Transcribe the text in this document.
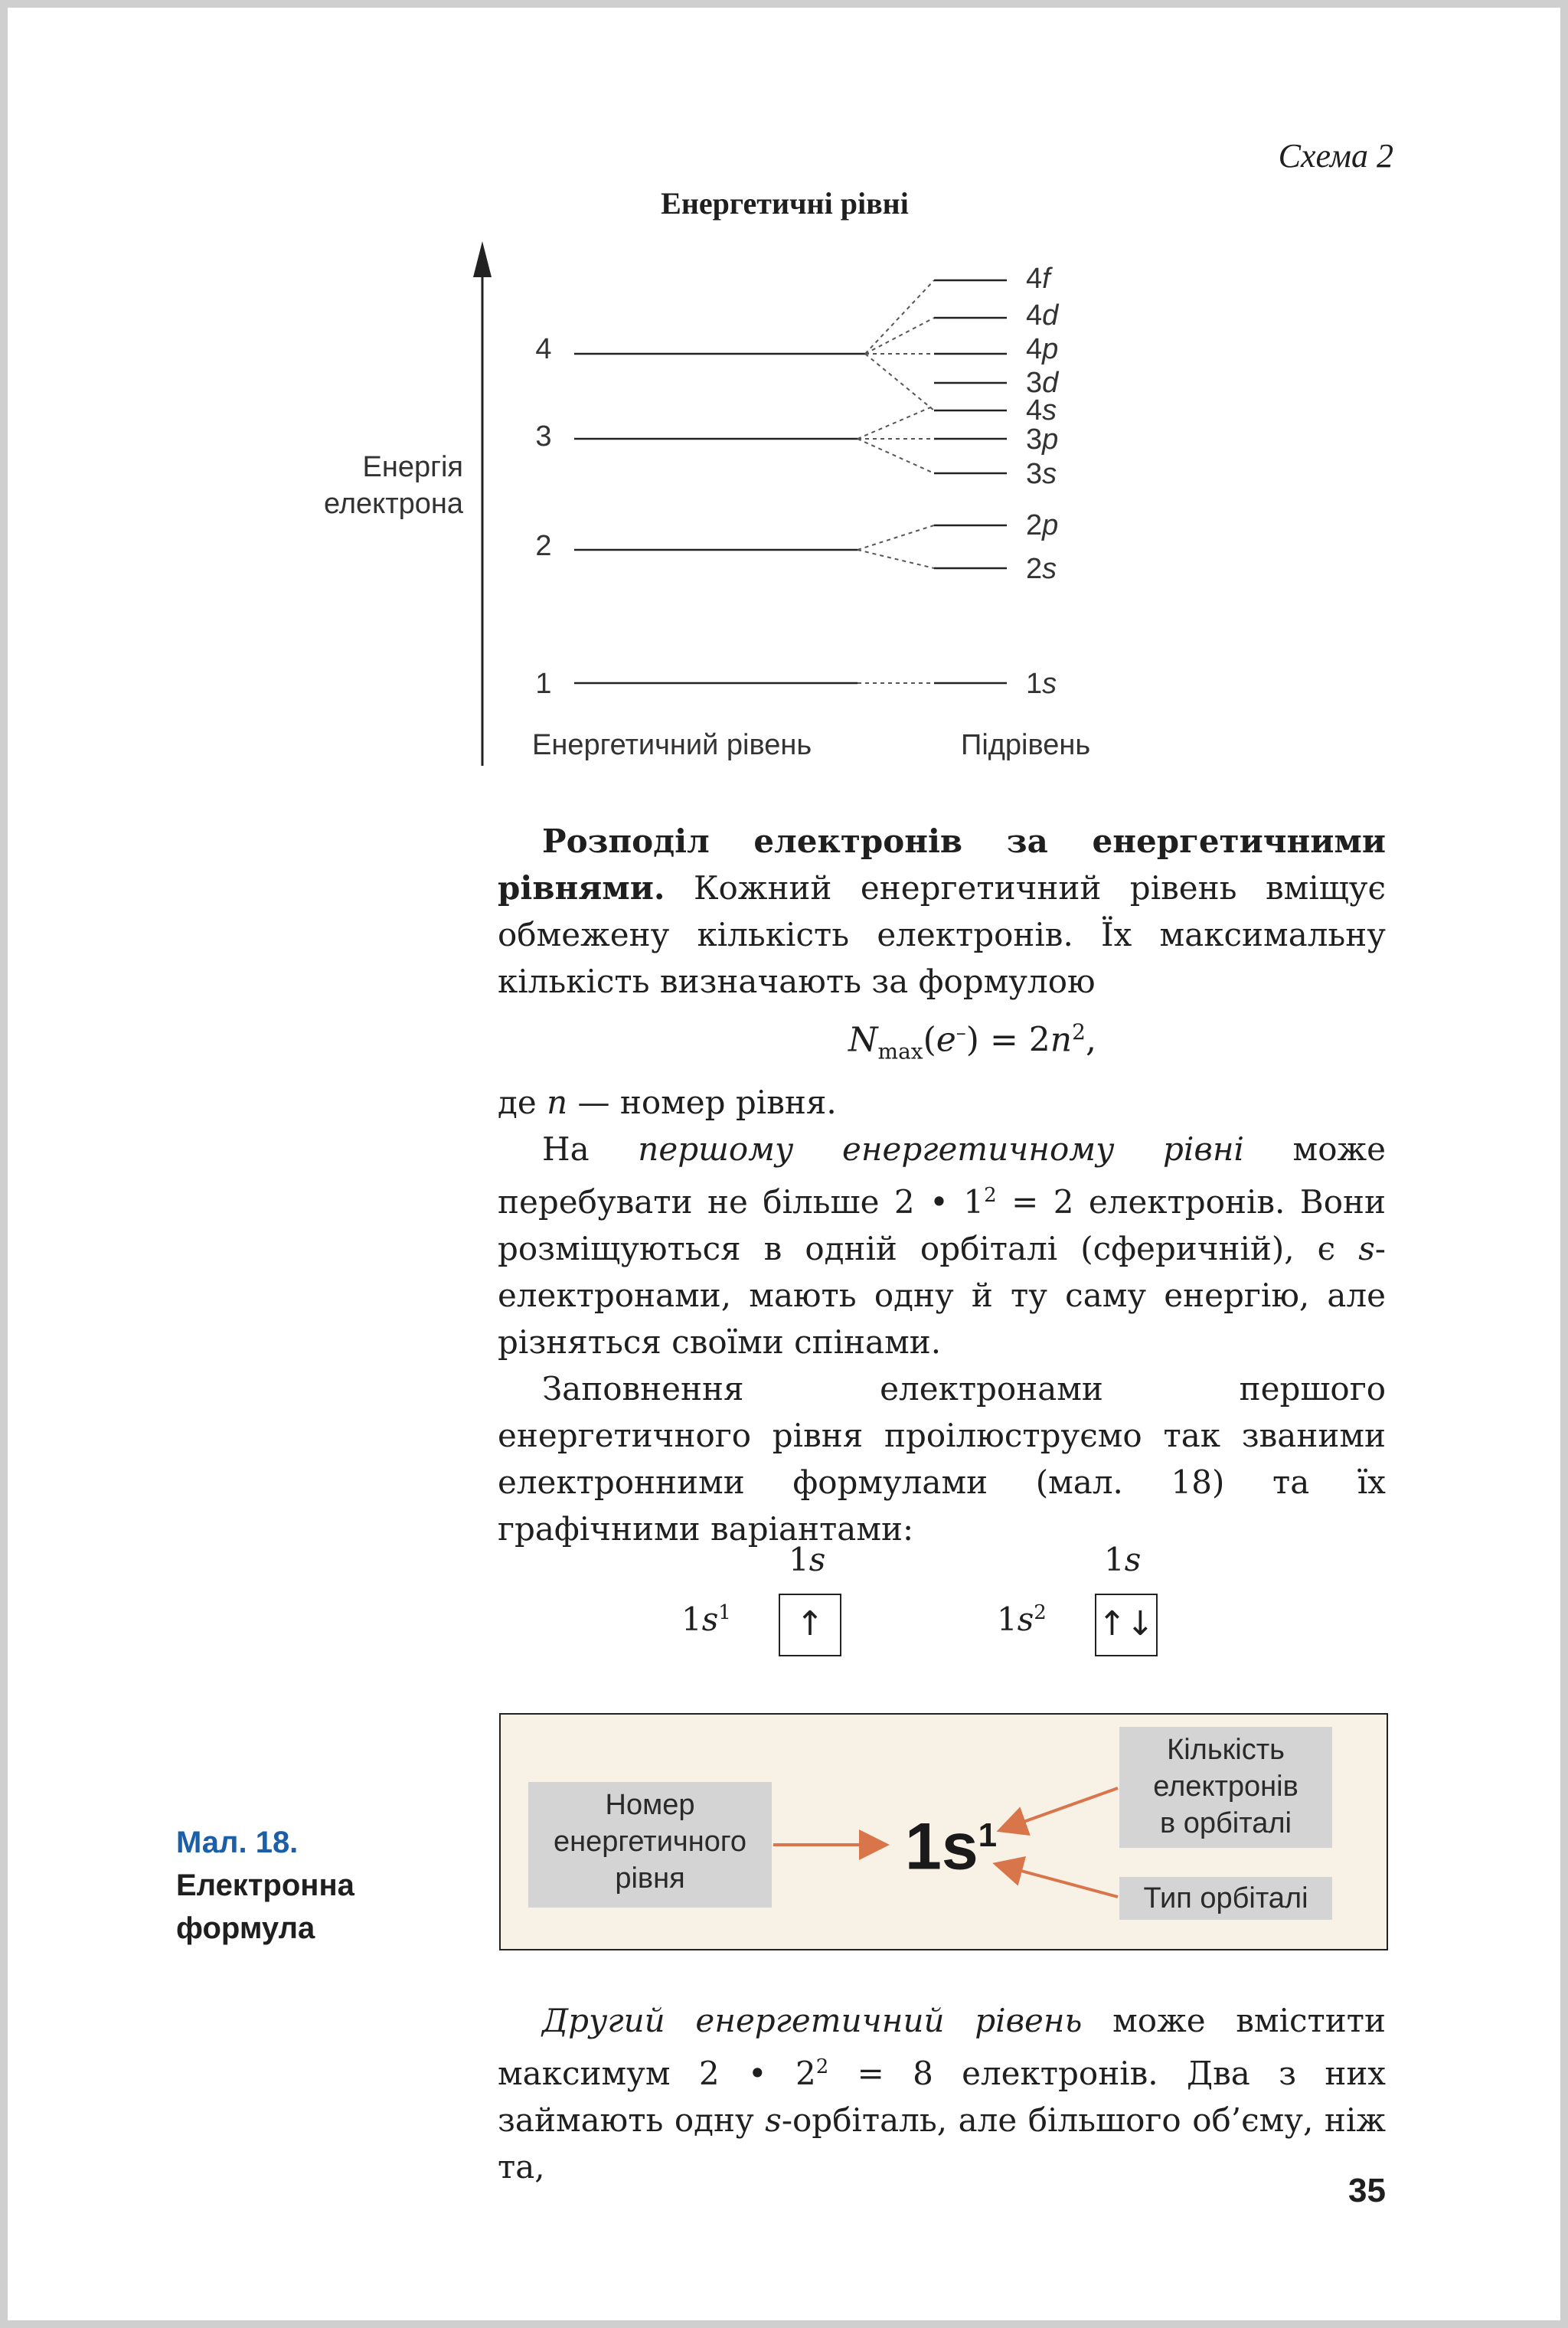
Схема 2
Енергетичні рівні
Енергія
електрона
1
2
3
4
1s
2s
2p
3s
3p
4s
3d
4p
4d
4f
Енергетичний рівень	Підрівень

Розподіл електронів за енергетичними рівнями. Кожний енергетичний рівень вміщує обмежену кількість електронів. Їх максимальну кількість визначають за формулою

$N_{max}(e^-) = 2n^2$,

де n — номер рівня.

На першому енергетичному рівні може перебувати не більше 2 • $1^2 = 2$ електронів. Вони розміщуються в одній орбіталі (сферичній), є s-електронами, мають одну й ту саму енергію, але різняться своїми спінами.

Заповнення електронами першого енергетичного рівня проілюструємо так званими електронними формулами (мал. 18) та їх графічними варіантами:

1s
$1s^1$	↑
1s
$1s^2$ ↑↓
Номер
енергетичного
рівня
Кількість
електронів
в орбіталі
Тип орбіталі
$1s^1$
Мал. 18.
Електронна
формула

Другий енергетичний рівень може вмістити максимум 2 • $2^2 = 8$ електронів. Два з них займають одну s-орбіталь, але більшого об’єму, ніж та,

35
